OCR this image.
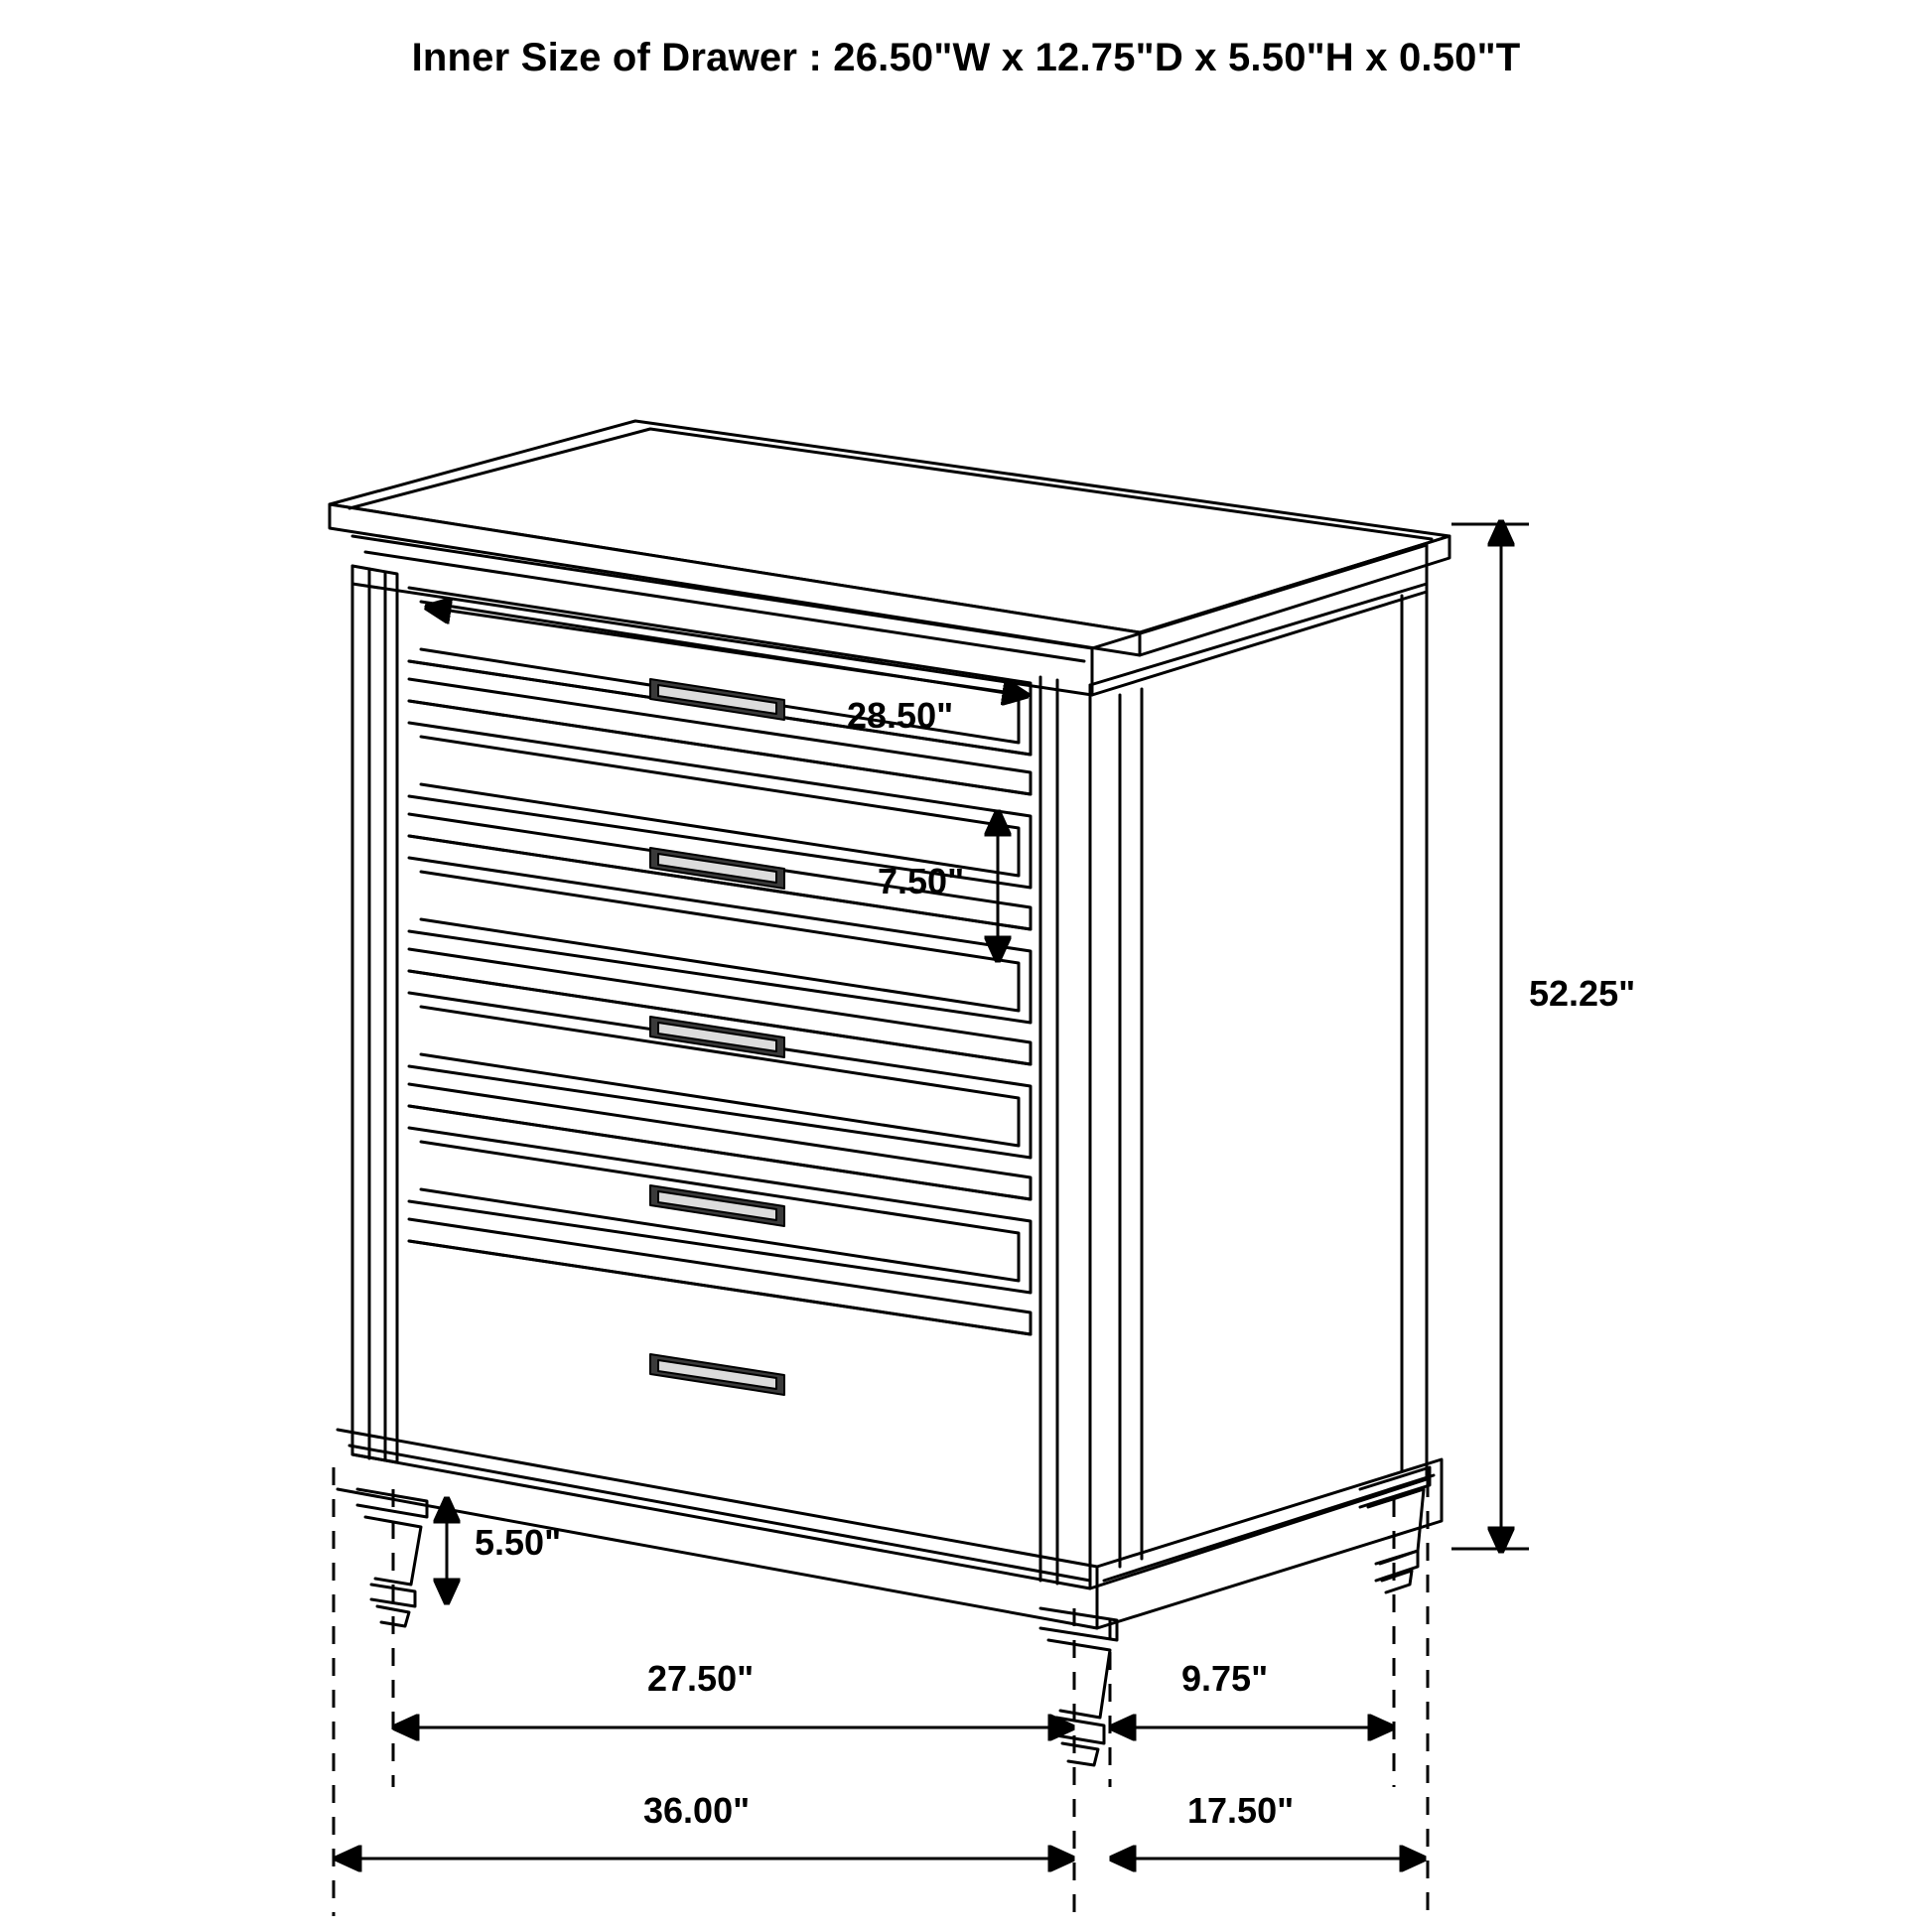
Inner Size of Drawer : 26.50"W x 12.75"D x 5.50"H x 0.50"T
28.50"
7.50"
52.25"
5.50"
27.50"	9.75"
36.00"	17.50"
